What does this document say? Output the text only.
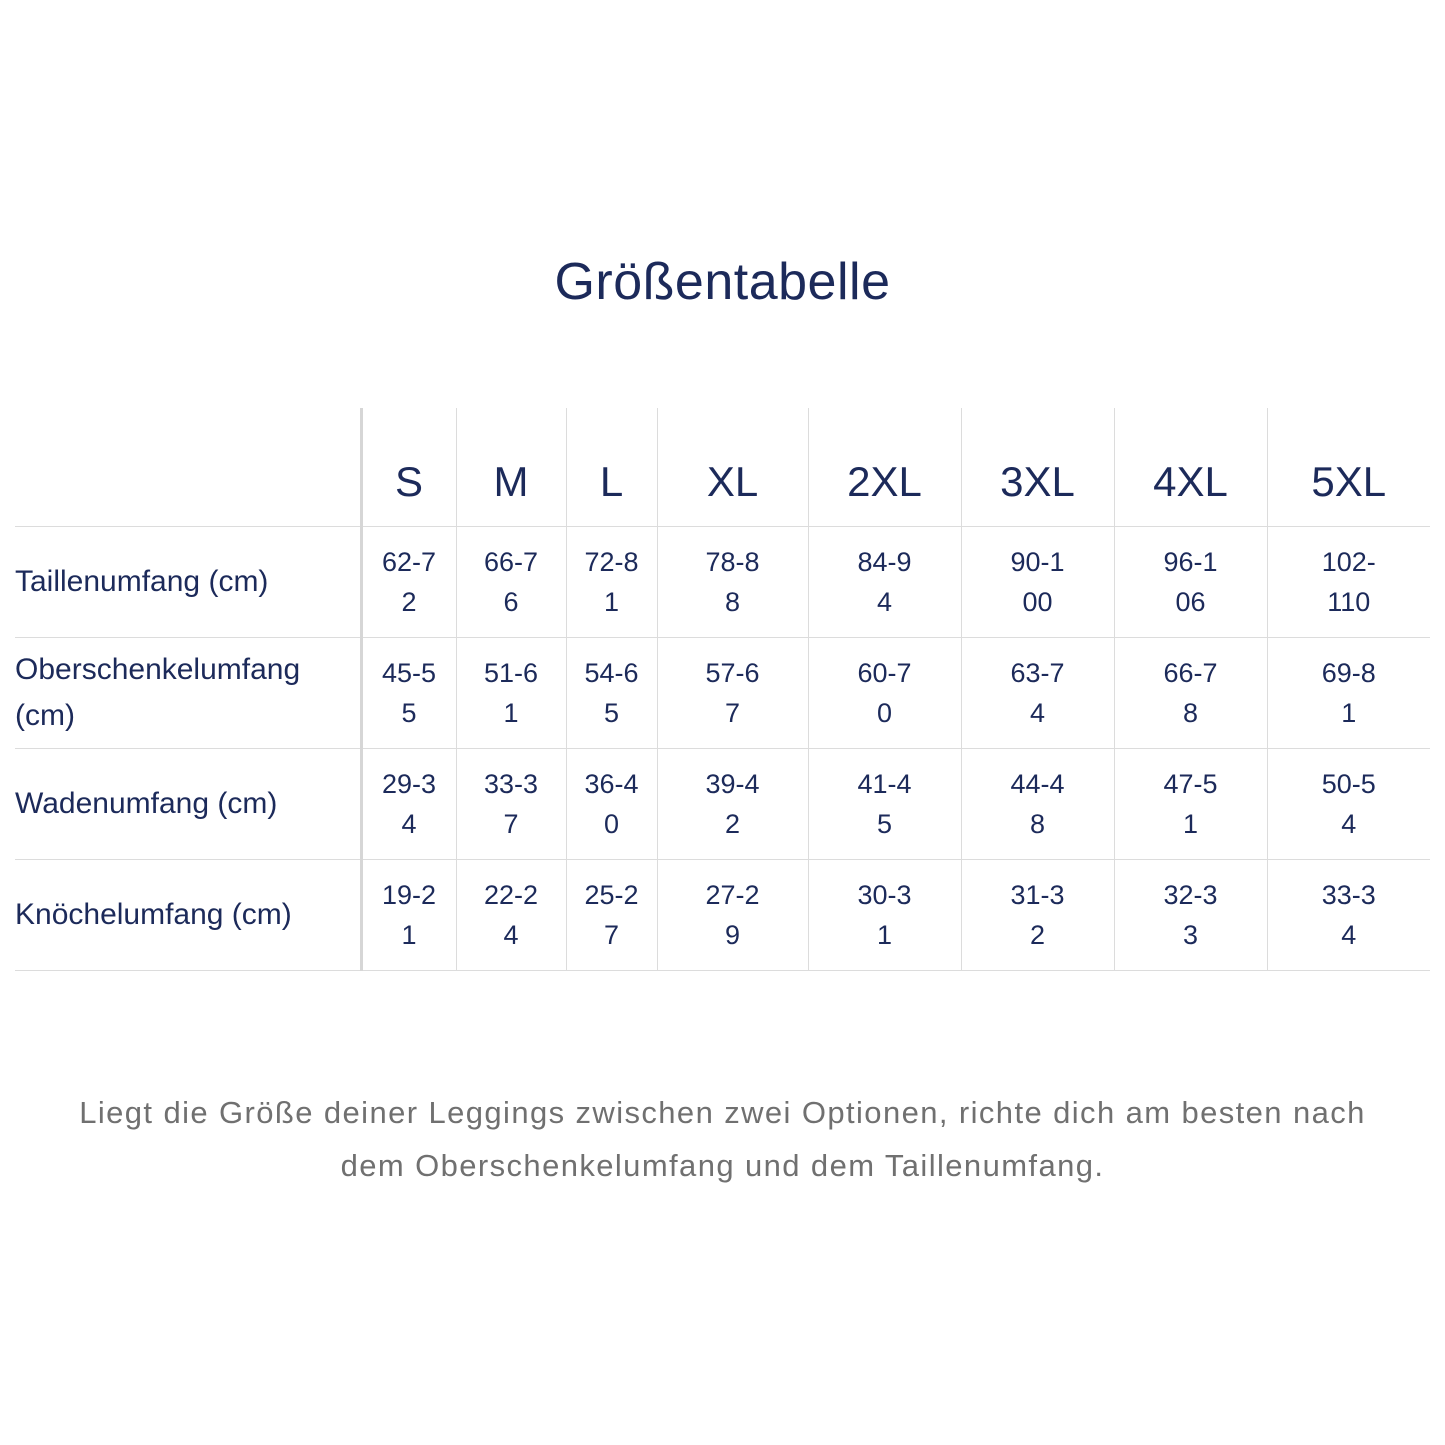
Größentabelle
	S	M	L	XL	2XL	3XL	4XL	5XL
Taillenumfang (cm)	62-72	66-76	72-81	78-88	84-94	90-100	96-106	102-110
Oberschenkelumfang (cm)	45-55	51-61	54-65	57-67	60-70	63-74	66-78	69-81
Wadenumfang (cm)	29-34	33-37	36-40	39-42	41-45	44-48	47-51	50-54
Knöchelumfang (cm)	19-21	22-24	25-27	27-29	30-31	31-32	32-33	33-34

Liegt die Größe deiner Leggings zwischen zwei Optionen, richte dich am besten nach dem Oberschenkelumfang und dem Taillenumfang.
